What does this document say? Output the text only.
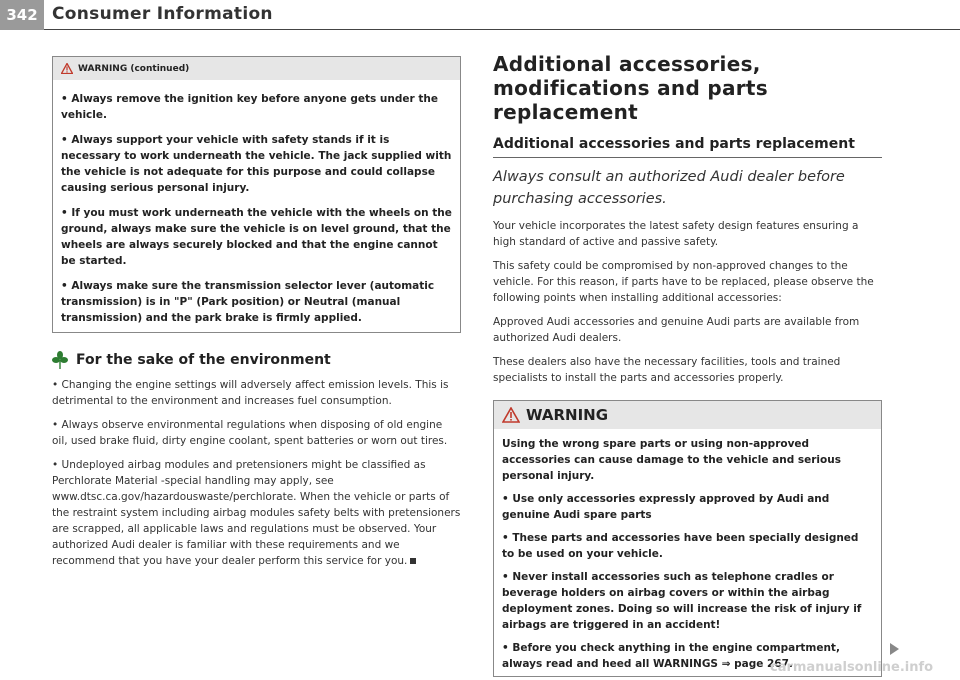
342 Consumer Information
WARNING (continued)

• Always remove the ignition key before anyone gets under the vehicle.

• Always support your vehicle with safety stands if it is necessary to work underneath the vehicle. The jack supplied with the vehicle is not adequate for this purpose and could collapse causing serious personal injury.

• If you must work underneath the vehicle with the wheels on the ground, always make sure the vehicle is on level ground, that the wheels are always securely blocked and that the engine cannot be started.

• Always make sure the transmission selector lever (automatic transmission) is in "P" (Park position) or Neutral (manual transmission) and the park brake is firmly applied.

For the sake of the environment

• Changing the engine settings will adversely affect emission levels. This is detrimental to the environment and increases fuel consumption.

• Always observe environmental regulations when disposing of old engine oil, used brake fluid, dirty engine coolant, spent batteries or worn out tires.

• Undeployed airbag modules and pretensioners might be classified as Perchlorate Material -special handling may apply, see www.dtsc.ca.gov/hazardouswaste/perchlorate. When the vehicle or parts of the restraint system including airbag modules safety belts with pretensioners are scrapped, all applicable laws and regulations must be observed. Your authorized Audi dealer is familiar with these requirements and we recommend that you have your dealer perform this service for you.

Additional accessories, modifications and parts replacement
Additional accessories and parts replacement

Always consult an authorized Audi dealer before purchasing accessories.

Your vehicle incorporates the latest safety design features ensuring a high standard of active and passive safety.

This safety could be compromised by non-approved changes to the vehicle. For this reason, if parts have to be replaced, please observe the following points when installing additional accessories:

Approved Audi accessories and genuine Audi parts are available from authorized Audi dealers.

These dealers also have the necessary facilities, tools and trained specialists to install the parts and accessories properly.

WARNING

Using the wrong spare parts or using non-approved accessories can cause damage to the vehicle and serious personal injury.

• Use only accessories expressly approved by Audi and genuine Audi spare parts

• These parts and accessories have been specially designed to be used on your vehicle.

• Never install accessories such as telephone cradles or beverage holders on airbag covers or within the airbag deployment zones. Doing so will increase the risk of injury if airbags are triggered in an accident!

• Before you check anything in the engine compartment, always read and heed all WARNINGS ⇒ page 267.

carmanualsonline.info
